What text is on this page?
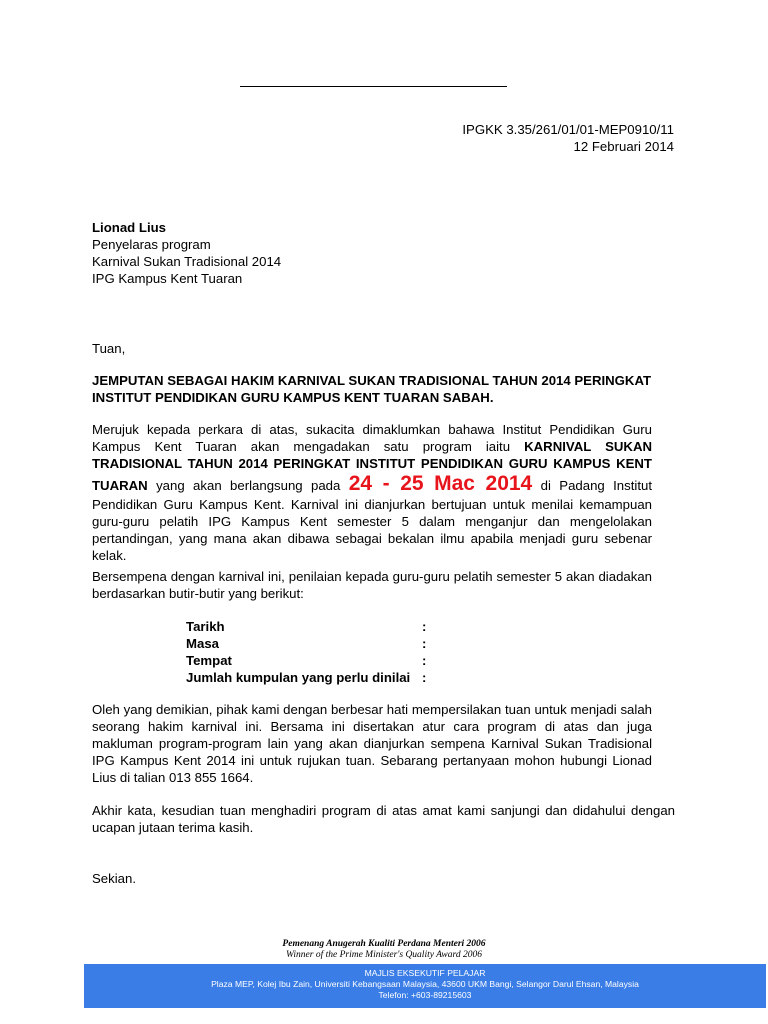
IPGKK 3.35/261/01/01-MEP0910/11
12 Februari 2014
Lionad Lius
Penyelaras program
Karnival Sukan Tradisional 2014
IPG Kampus Kent Tuaran
Tuan,
JEMPUTAN SEBAGAI HAKIM KARNIVAL SUKAN TRADISIONAL TAHUN 2014 PERINGKAT INSTITUT PENDIDIKAN GURU KAMPUS KENT TUARAN SABAH.
Merujuk kepada perkara di atas, sukacita dimaklumkan bahawa Institut Pendidikan Guru Kampus Kent Tuaran akan mengadakan satu program iaitu KARNIVAL SUKAN TRADISIONAL TAHUN 2014 PERINGKAT INSTITUT PENDIDIKAN GURU KAMPUS KENT TUARAN yang akan berlangsung pada 24 - 25 Mac 2014 di Padang Institut Pendidikan Guru Kampus Kent. Karnival ini dianjurkan bertujuan untuk menilai kemampuan guru-guru pelatih IPG Kampus Kent semester 5 dalam menganjur dan mengelolakan pertandingan, yang mana akan dibawa sebagai bekalan ilmu apabila menjadi guru sebenar kelak.
Bersempena dengan karnival ini, penilaian kepada guru-guru pelatih semester 5 akan diadakan berdasarkan butir-butir yang berikut:
Tarikh	:
Masa	:
Tempat	:
Jumlah kumpulan yang perlu dinilai :
Oleh yang demikian, pihak kami dengan berbesar hati mempersilakan tuan untuk menjadi salah seorang hakim karnival ini. Bersama ini disertakan atur cara program di atas dan juga makluman program-program lain yang akan dianjurkan sempena Karnival Sukan Tradisional IPG Kampus Kent 2014 ini untuk rujukan tuan. Sebarang pertanyaan mohon hubungi Lionad Lius di talian 013 855 1664.
Akhir kata, kesudian tuan menghadiri program di atas amat kami sanjungi dan didahului dengan ucapan jutaan terima kasih.
Sekian.
Pemenang Anugerah Kualiti Perdana Menteri 2006
Winner of the Prime Minister's Quality Award 2006
MAJLIS EKSEKUTIF PELAJAR
Plaza MEP, Kolej Ibu Zain, Universiti Kebangsaan Malaysia, 43600 UKM Bangi, Selangor Darul Ehsan, Malaysia
Telefon: +603-89215603
